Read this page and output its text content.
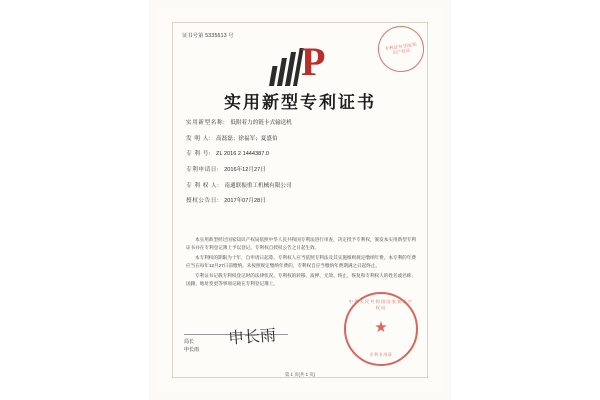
证书号第 5335613 号
专利证书 国家知识产权局
P
实用新型专利证书
实用新型名称: 低附着力的链卡式输送机
发 明 人: 高磊磊；徐福军；夏盛伯
专 利 号: ZL 2016 2 1444387.0
专利申请日: 2016年12月27日
专 利 权 人: 南通联振重工机械有限公司
授权公告日: 2017年07月28日

本实用新型经过国家知识产权局依照中华人民共和国专利法进行审查，决定授予专利权，颁发本实用新型专利证书并在专利登记簿上予以登记。专利权自授权公告之日起生效。

本专利权的期限为十年，自申请日起算。专利权人应当依照专利法及其实施细则规定缴纳年费。本专利的年费应当在每年12月27日前缴纳。未按照规定缴纳年费的，专利权自应当缴纳年费期满之日起终止。

专利证书记载专利权登记时的法律状况。专利权的转移、质押、无效、终止、恢复和专利权人的姓名或名称、国籍、地址变更等事项记载在专利登记簿上。

局长
申长雨
申长雨
中华人民共和国国家知识产权局
★
专利专用章
第 1 页(共 1 页)
